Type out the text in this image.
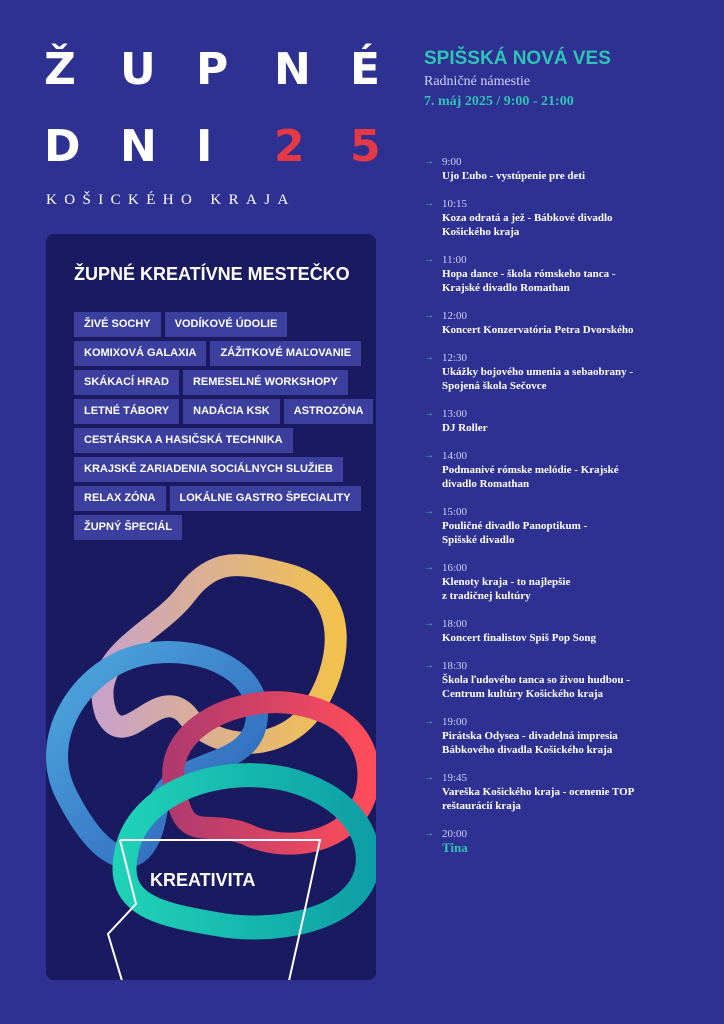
Ž U P N É
D N I 2 5
KOŠICKÉHO KRAJA
SPIŠSKÁ NOVÁ VES
Radničné námestie
7. máj 2025 / 9:00 - 21:00
ŽUPNÉ KREATÍVNE MESTEČKO
ŽIVÉ SOCHY	VODÍKOVÉ ÚDOLIE
KOMIXOVÁ GALAXIA	ZÁŽITKOVÉ MAĽOVANIE
SKÁKACÍ HRAD	REMESELNÉ WORKSHOPY
LETNÉ TÁBORY	NADÁCIA KSK	ASTROZÓNA
CESTÁRSKA A HASIČSKÁ TECHNIKA
KRAJSKÉ ZARIADENIA SOCIÁLNYCH SLUŽIEB
RELAX ZÓNA	LOKÁLNE GASTRO ŠPECIALITY
ŽUPNÝ ŠPECIÁL
KREATIVITA
→ 9:00
Ujo Ľubo - vystúpenie pre deti
→ 10:15
Koza odratá a jež - Bábkové divadlo
Košického kraja
→ 11:00
Hopa dance - škola rómskeho tanca -
Krajské divadlo Romathan
→ 12:00
Koncert Konzervatória Petra Dvorského
→ 12:30
Ukážky bojového umenia a sebaobrany -
Spojená škola Sečovce
→ 13:00
DJ Roller
→ 14:00
Podmanivé rómske melódie - Krajské
divadlo Romathan
→ 15:00
Pouličné divadlo Panoptikum -
Spišské divadlo
→ 16:00
Klenoty kraja - to najlepšie
z tradičnej kultúry
→ 18:00
Koncert finalistov Spiš Pop Song
→ 18:30
Škola ľudového tanca so živou hudbou -
Centrum kultúry Košického kraja
→ 19:00
Pirátska Odysea - divadelná impresia
Bábkového divadla Košického kraja
→ 19:45
Vareška Košického kraja - ocenenie TOP
reštaurácií kraja
→ 20:00
Tina
